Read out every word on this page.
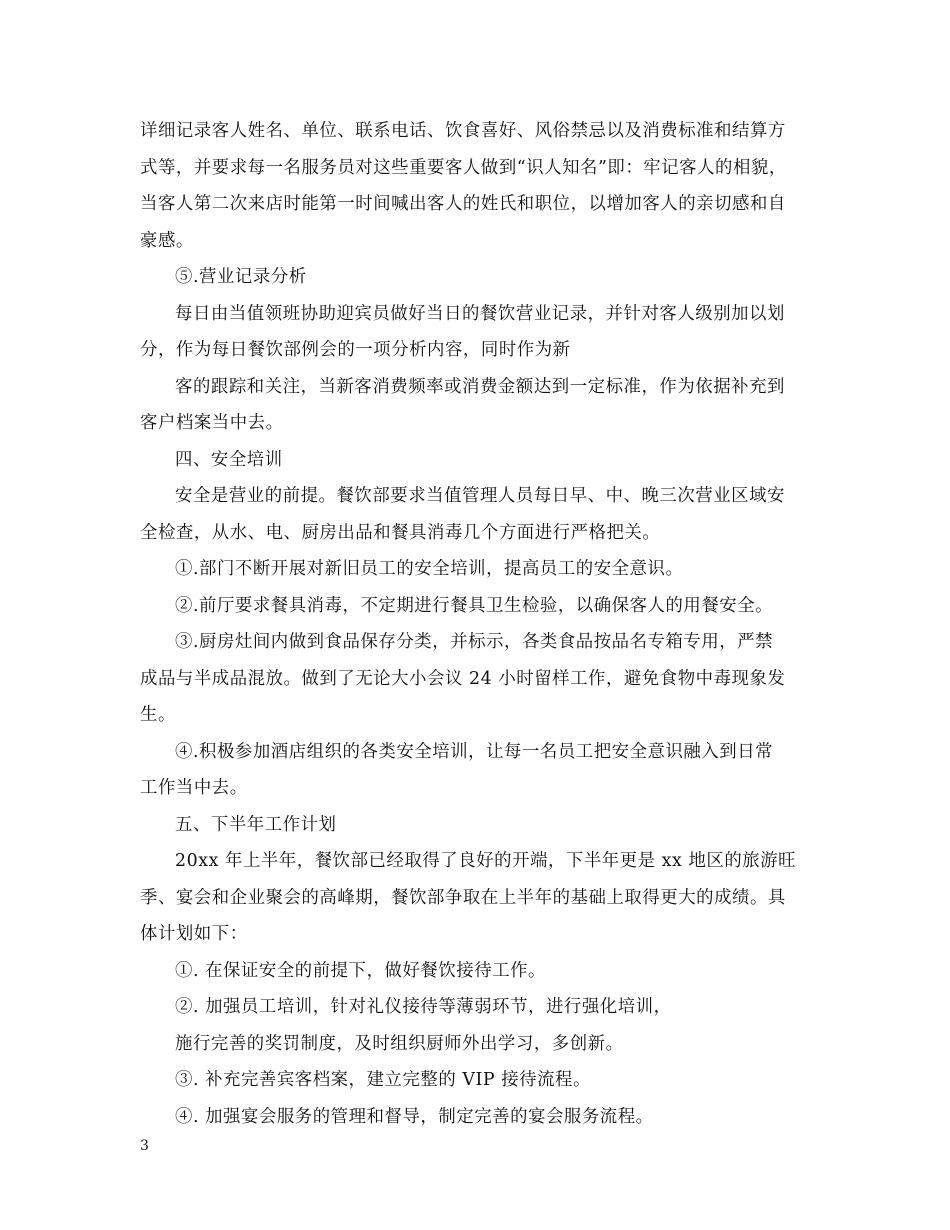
详细记录客人姓名、单位、联系电话、饮食喜好、风俗禁忌以及消费标准和结算方
式等，并要求每一名服务员对这些重要客人做到“识人知名”即：牢记客人的相貌，
当客人第二次来店时能第一时间喊出客人的姓氏和职位，以增加客人的亲切感和自
豪感。
⑤.营业记录分析
每日由当值领班协助迎宾员做好当日的餐饮营业记录，并针对客人级别加以划
分，作为每日餐饮部例会的一项分析内容，同时作为新
客的跟踪和关注，当新客消费频率或消费金额达到一定标准，作为依据补充到
客户档案当中去。
四、安全培训
安全是营业的前提。餐饮部要求当值管理人员每日早、中、晚三次营业区域安
全检查，从水、电、厨房出品和餐具消毒几个方面进行严格把关。
①.部门不断开展对新旧员工的安全培训，提高员工的安全意识。
②.前厅要求餐具消毒，不定期进行餐具卫生检验，以确保客人的用餐安全。
③.厨房灶间内做到食品保存分类，并标示，各类食品按品名专箱专用，严禁
成品与半成品混放。做到了无论大小会议 24 小时留样工作，避免食物中毒现象发
生。
④.积极参加酒店组织的各类安全培训，让每一名员工把安全意识融入到日常
工作当中去。
五、下半年工作计划
20xx 年上半年，餐饮部已经取得了良好的开端，下半年更是 xx 地区的旅游旺
季、宴会和企业聚会的高峰期，餐饮部争取在上半年的基础上取得更大的成绩。具
体计划如下：
①. 在保证安全的前提下，做好餐饮接待工作。
②. 加强员工培训，针对礼仪接待等薄弱环节，进行强化培训，
施行完善的奖罚制度，及时组织厨师外出学习，多创新。
③. 补充完善宾客档案，建立完整的 VIP 接待流程。
④. 加强宴会服务的管理和督导，制定完善的宴会服务流程。
3
